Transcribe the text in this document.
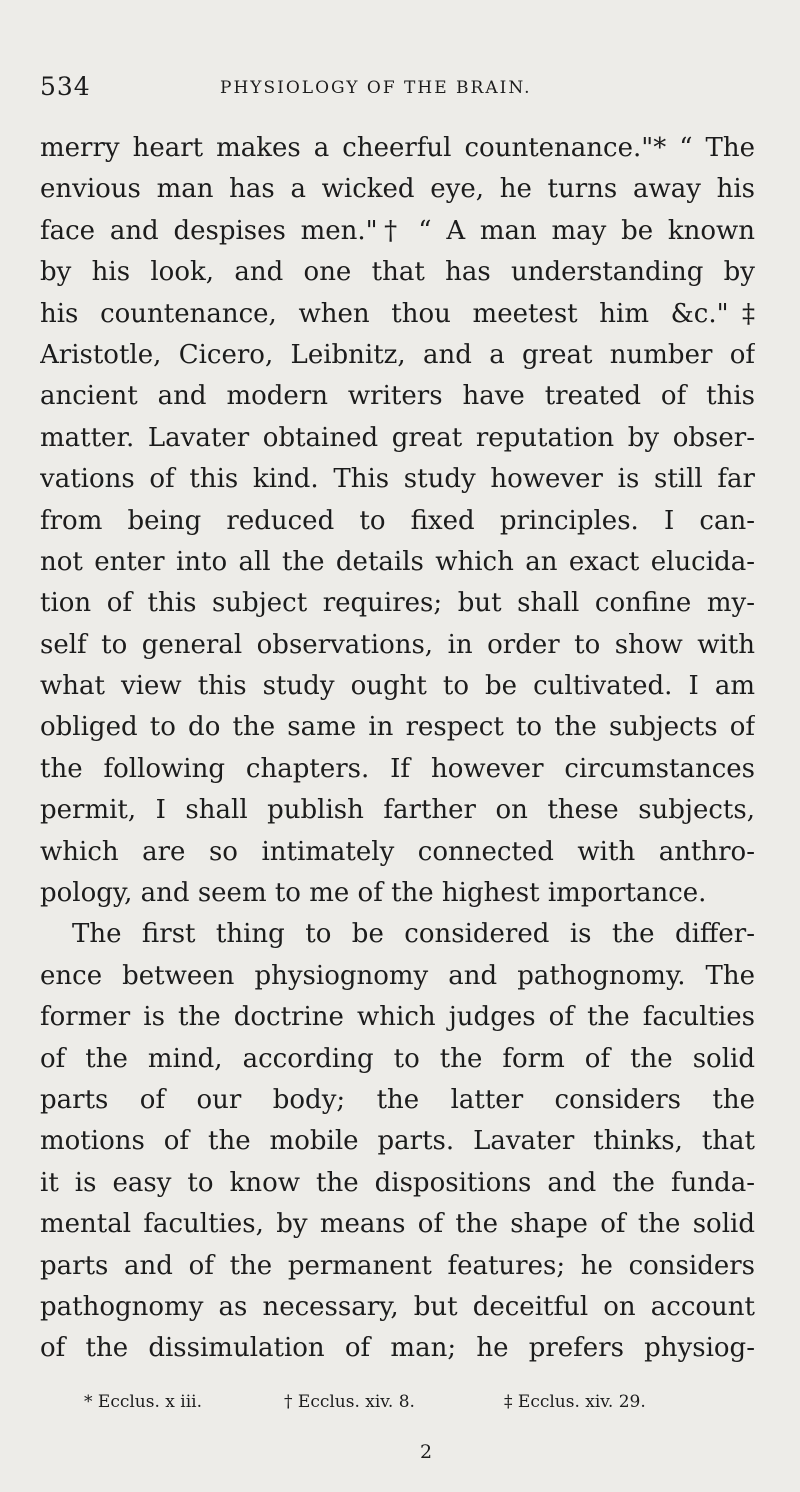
534	PHYSIOLOGY OF THE BRAIN.
merry heart makes a cheerful countenance."* “ The
envious man has a wicked eye, he turns away his
face and despises men."† “ A man may be known
by his look, and one that has understanding by
his countenance, when thou meetest him &c."‡
Aristotle, Cicero, Leibnitz, and a great number of
ancient and modern writers have treated of this
matter. Lavater obtained great reputation by obser-
vations of this kind. This study however is still far
from being reduced to fixed principles. I can-
not enter into all the details which an exact elucida-
tion of this subject requires; but shall confine my-
self to general observations, in order to show with
what view this study ought to be cultivated. I am
obliged to do the same in respect to the subjects of
the following chapters. If however circumstances
permit, I shall publish farther on these subjects,
which are so intimately connected with anthro-
pology, and seem to me of the highest importance.
The first thing to be considered is the differ-
ence between physiognomy and pathognomy. The
former is the doctrine which judges of the faculties
of the mind, according to the form of the solid
parts of our body; the latter considers the
motions of the mobile parts. Lavater thinks, that
it is easy to know the dispositions and the funda-
mental faculties, by means of the shape of the solid
parts and of the permanent features; he considers
pathognomy as necessary, but deceitful on account
of the dissimulation of man; he prefers physiog-
* Ecclus. x iii.	† Ecclus. xiv. 8.	‡ Ecclus. xiv. 29.
2
